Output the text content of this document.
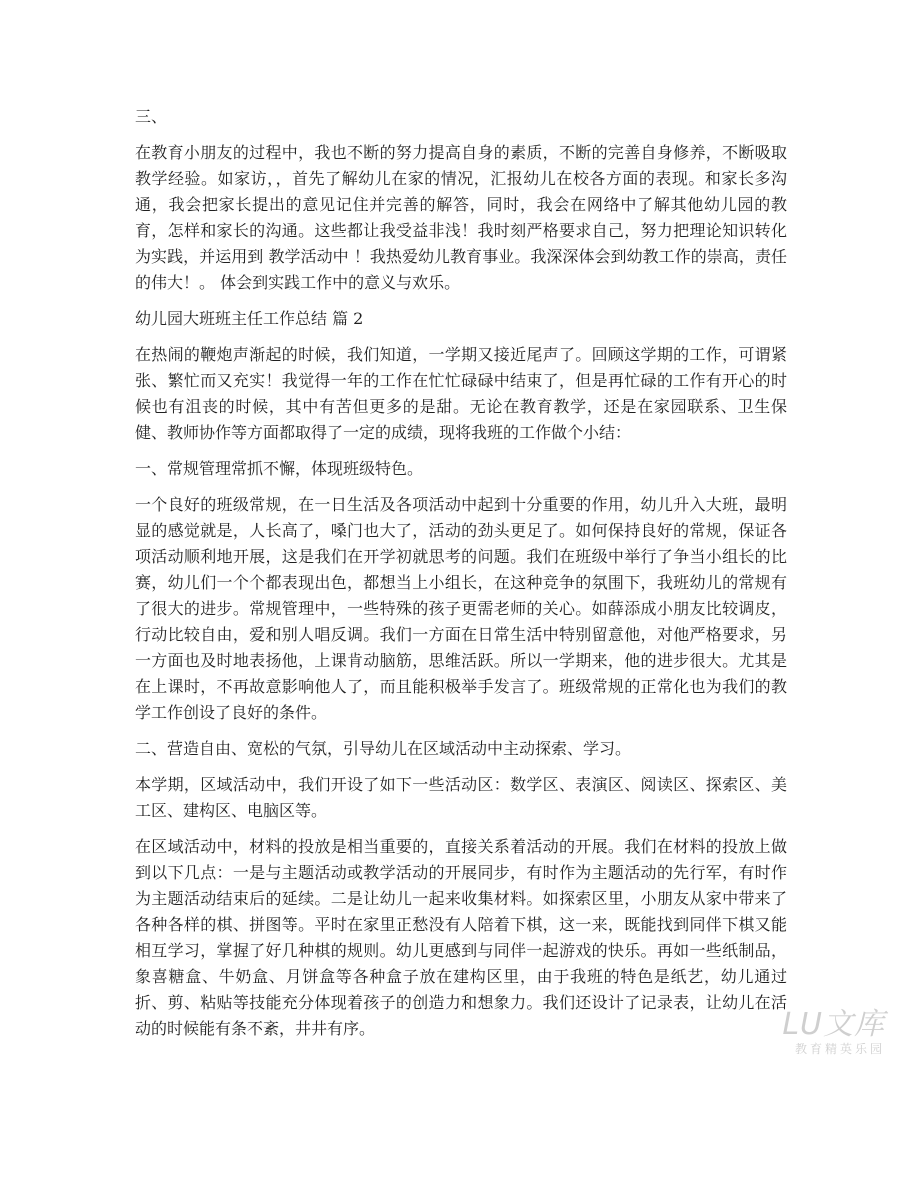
三、

在教育小朋友的过程中，我也不断的努力提高自身的素质，不断的完善自身修养，不断吸取教学经验。如家访，，首先了解幼儿在家的情况，汇报幼儿在校各方面的表现。和家长多沟通，我会把家长提出的意见记住并完善的解答，同时，我会在网络中了解其他幼儿园的教育，怎样和家长的沟通。这些都让我受益非浅！我时刻严格要求自己，努力把理论知识转化为实践，并运用到 教学活动中 ！我热爱幼儿教育事业。我深深体会到幼教工作的崇高，责任的伟大！。 体会到实践工作中的意义与欢乐。

幼儿园大班班主任工作总结 篇 2

在热闹的鞭炮声渐起的时候，我们知道，一学期又接近尾声了。回顾这学期的工作，可谓紧张、繁忙而又充实！我觉得一年的工作在忙忙碌碌中结束了，但是再忙碌的工作有开心的时候也有沮丧的时候，其中有苦但更多的是甜。无论在教育教学，还是在家园联系、卫生保健、教师协作等方面都取得了一定的成绩，现将我班的工作做个小结：

一、常规管理常抓不懈，体现班级特色。

一个良好的班级常规，在一日生活及各项活动中起到十分重要的作用，幼儿升入大班，最明显的感觉就是，人长高了，嗓门也大了，活动的劲头更足了。如何保持良好的常规，保证各项活动顺利地开展，这是我们在开学初就思考的问题。我们在班级中举行了争当小组长的比赛，幼儿们一个个都表现出色，都想当上小组长，在这种竞争的氛围下，我班幼儿的常规有了很大的进步。常规管理中，一些特殊的孩子更需老师的关心。如薛添成小朋友比较调皮，行动比较自由，爱和别人唱反调。我们一方面在日常生活中特别留意他，对他严格要求，另一方面也及时地表扬他，上课肯动脑筋，思维活跃。所以一学期来，他的进步很大。尤其是在上课时，不再故意影响他人了，而且能积极举手发言了。班级常规的正常化也为我们的教学工作创设了良好的条件。

二、营造自由、宽松的气氛，引导幼儿在区域活动中主动探索、学习。

本学期，区域活动中，我们开设了如下一些活动区：数学区、表演区、阅读区、探索区、美工区、建构区、电脑区等。

在区域活动中，材料的投放是相当重要的，直接关系着活动的开展。我们在材料的投放上做到以下几点：一是与主题活动或教学活动的开展同步，有时作为主题活动的先行军，有时作为主题活动结束后的延续。二是让幼儿一起来收集材料。如探索区里，小朋友从家中带来了各种各样的棋、拼图等。平时在家里正愁没有人陪着下棋，这一来，既能找到同伴下棋又能相互学习，掌握了好几种棋的规则。幼儿更感到与同伴一起游戏的快乐。再如一些纸制品，象喜糖盒、牛奶盒、月饼盒等各种盒子放在建构区里，由于我班的特色是纸艺，幼儿通过折、剪、粘贴等技能充分体现着孩子的创造力和想象力。我们还设计了记录表，让幼儿在活动的时候能有条不紊，井井有序。	LU文库
教育精英乐园
